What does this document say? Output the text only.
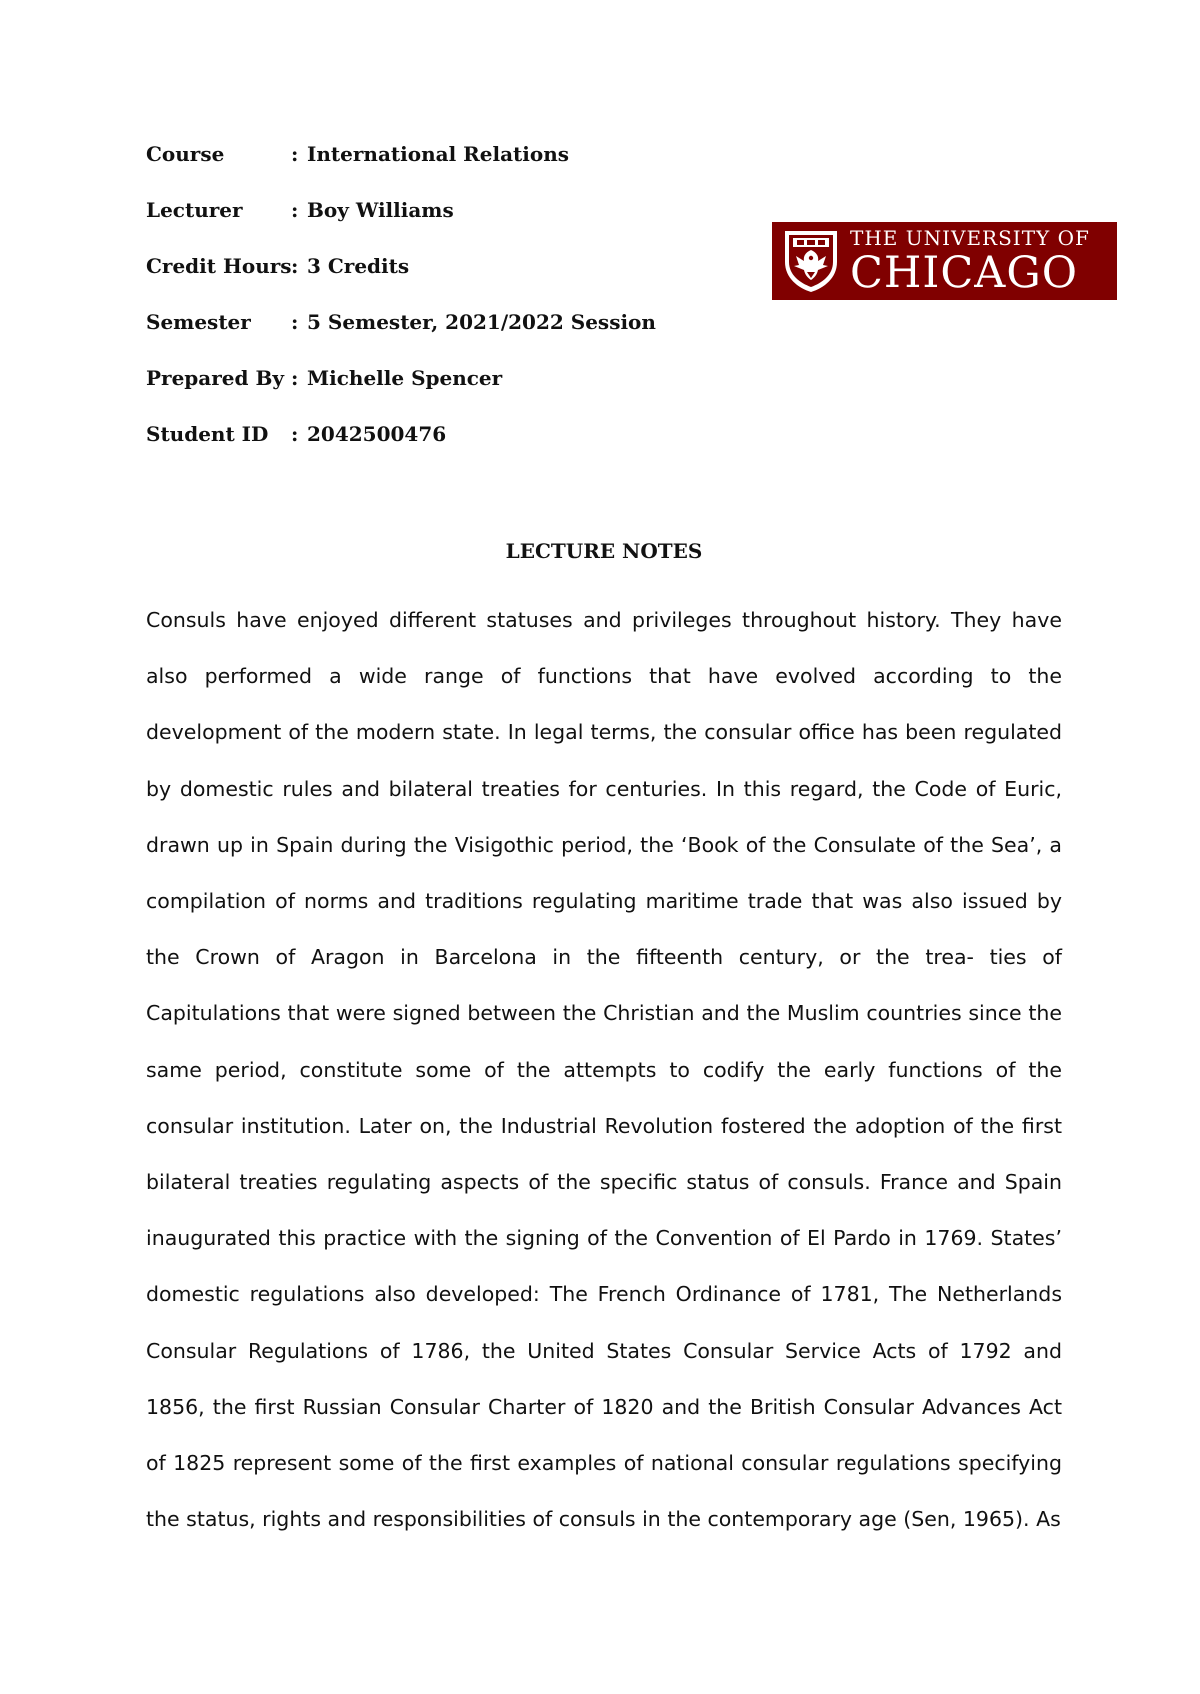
Course	: International Relations
Lecturer	: Boy Williams
Credit Hours : 3 Credits
Semester	: 5 Semester, 2021/2022 Session
Prepared By : Michelle Spencer
Student ID	: 2042500476
THE UNIVERSITY OF
CHICAGO
LECTURE NOTES

Consuls have enjoyed different statuses and privileges throughout history. They have also performed a wide range of functions that have evolved according to the development of the modern state. In legal terms, the consular office has been regulated by domestic rules and bilateral treaties for centuries. In this regard, the Code of Euric, drawn up in Spain during the Visigothic period, the ‘Book of the Consulate of the Sea’, a compilation of norms and traditions regulating maritime trade that was also issued by the Crown of Aragon in Barcelona in the fifteenth century, or the trea- ties of Capitulations that were signed between the Christian and the Muslim countries since the same period, constitute some of the attempts to codify the early functions of the consular institution. Later on, the Industrial Revolution fostered the adoption of the first bilateral treaties regulating aspects of the specific status of consuls. France and Spain inaugurated this practice with the signing of the Convention of El Pardo in 1769. States’ domestic regulations also developed: The French Ordinance of 1781, The Netherlands Consular Regulations of 1786, the United States Consular Service Acts of 1792 and 1856, the first Russian Consular Charter of 1820 and the British Consular Advances Act of 1825 represent some of the first examples of national consular regulations specifying the status, rights and responsibilities of consuls in the contemporary age (Sen, 1965). As
